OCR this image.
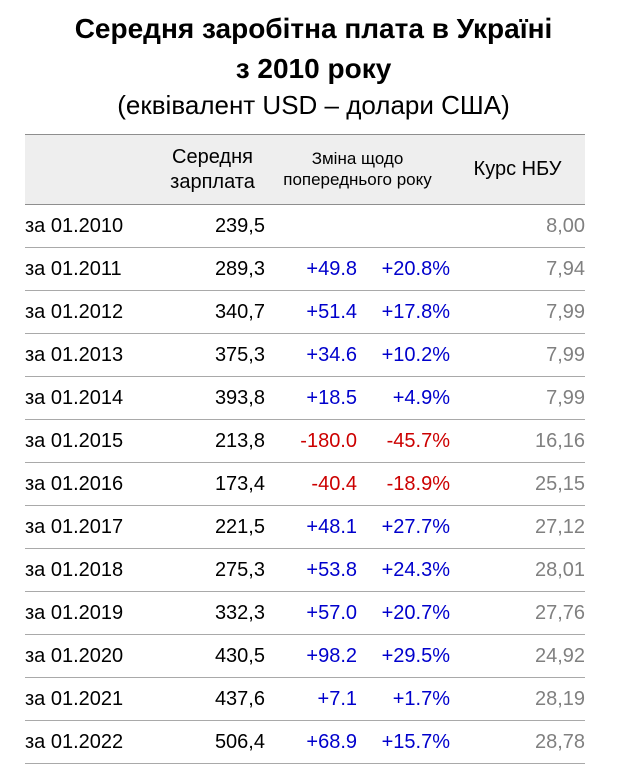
Середня заробітна плата в Україні
з 2010 року
(еквівалент USD – долари США)
	Середня зарплата	Зміна щодо попереднього року		Курс НБУ
за 01.2010	239,5			8,00
за 01.2011	289,3	+49.8	+20.8%	7,94
за 01.2012	340,7	+51.4	+17.8%	7,99
за 01.2013	375,3	+34.6	+10.2%	7,99
за 01.2014	393,8	+18.5	+4.9%	7,99
за 01.2015	213,8	-180.0	-45.7%	16,16
за 01.2016	173,4	-40.4	-18.9%	25,15
за 01.2017	221,5	+48.1	+27.7%	27,12
за 01.2018	275,3	+53.8	+24.3%	28,01
за 01.2019	332,3	+57.0	+20.7%	27,76
за 01.2020	430,5	+98.2	+29.5%	24,92
за 01.2021	437,6	+7.1	+1.7%	28,19
за 01.2022	506,4	+68.9	+15.7%	28,78
